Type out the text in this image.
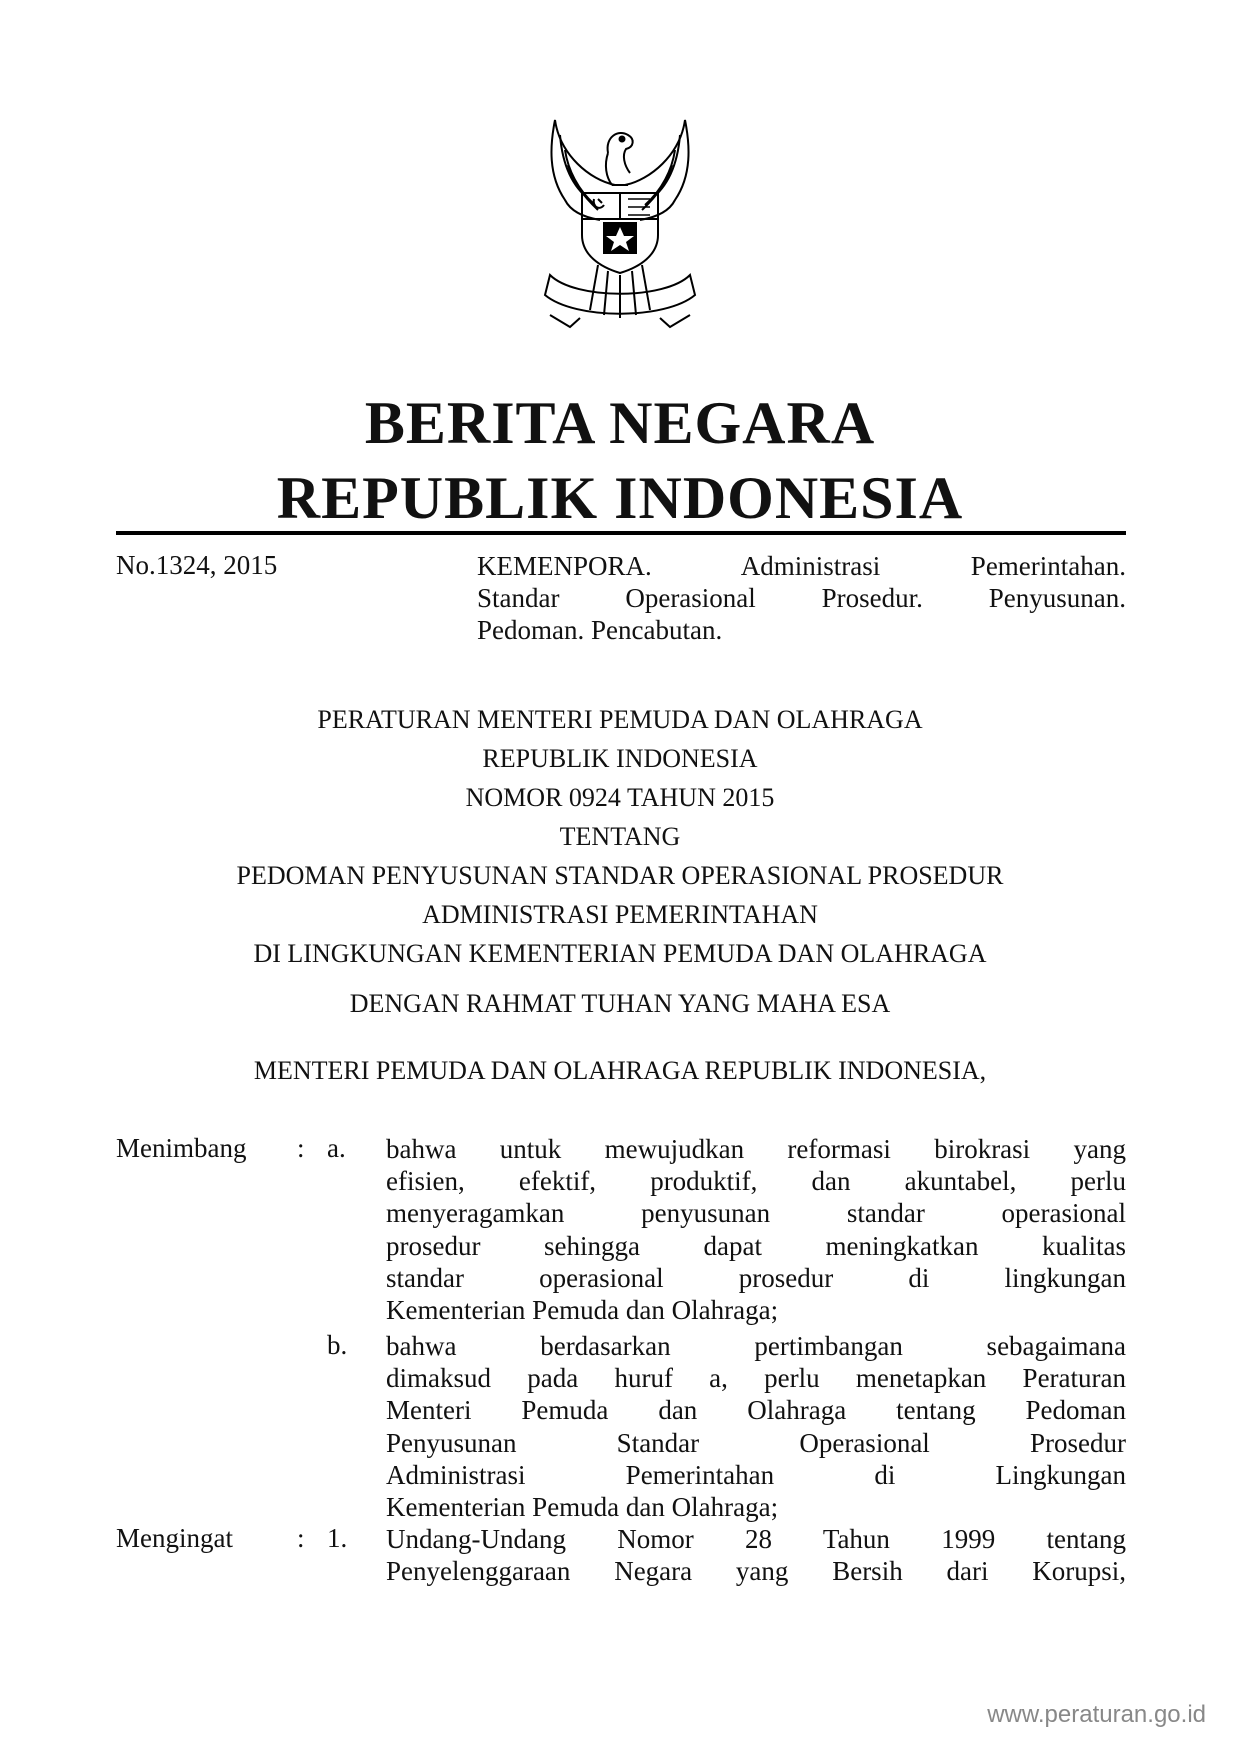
BERITA NEGARA
REPUBLIK INDONESIA
No.1324, 2015	KEMENPORA. Administrasi Pemerintahan.
Standar Operasional Prosedur. Penyusunan.
Pedoman. Pencabutan.
PERATURAN MENTERI PEMUDA DAN OLAHRAGA
REPUBLIK INDONESIA
NOMOR 0924 TAHUN 2015
TENTANG
PEDOMAN PENYUSUNAN STANDAR OPERASIONAL PROSEDUR
ADMINISTRASI PEMERINTAHAN
DI LINGKUNGAN KEMENTERIAN PEMUDA DAN OLAHRAGA
DENGAN RAHMAT TUHAN YANG MAHA ESA
MENTERI PEMUDA DAN OLAHRAGA REPUBLIK INDONESIA,
Menimbang : a. bahwa untuk mewujudkan reformasi birokrasi yang
efisien, efektif, produktif, dan akuntabel, perlu
menyeragamkan penyusunan standar operasional
prosedur sehingga dapat meningkatkan kualitas
standar operasional prosedur di lingkungan
Kementerian Pemuda dan Olahraga;
b. bahwa berdasarkan pertimbangan sebagaimana
dimaksud pada huruf a, perlu menetapkan Peraturan
Menteri Pemuda dan Olahraga tentang Pedoman
Penyusunan Standar Operasional Prosedur
Administrasi Pemerintahan di Lingkungan
Kementerian Pemuda dan Olahraga;
Mengingat : 1. Undang-Undang Nomor 28 Tahun 1999 tentang
Penyelenggaraan Negara yang Bersih dari Korupsi,
www.peraturan.go.id
